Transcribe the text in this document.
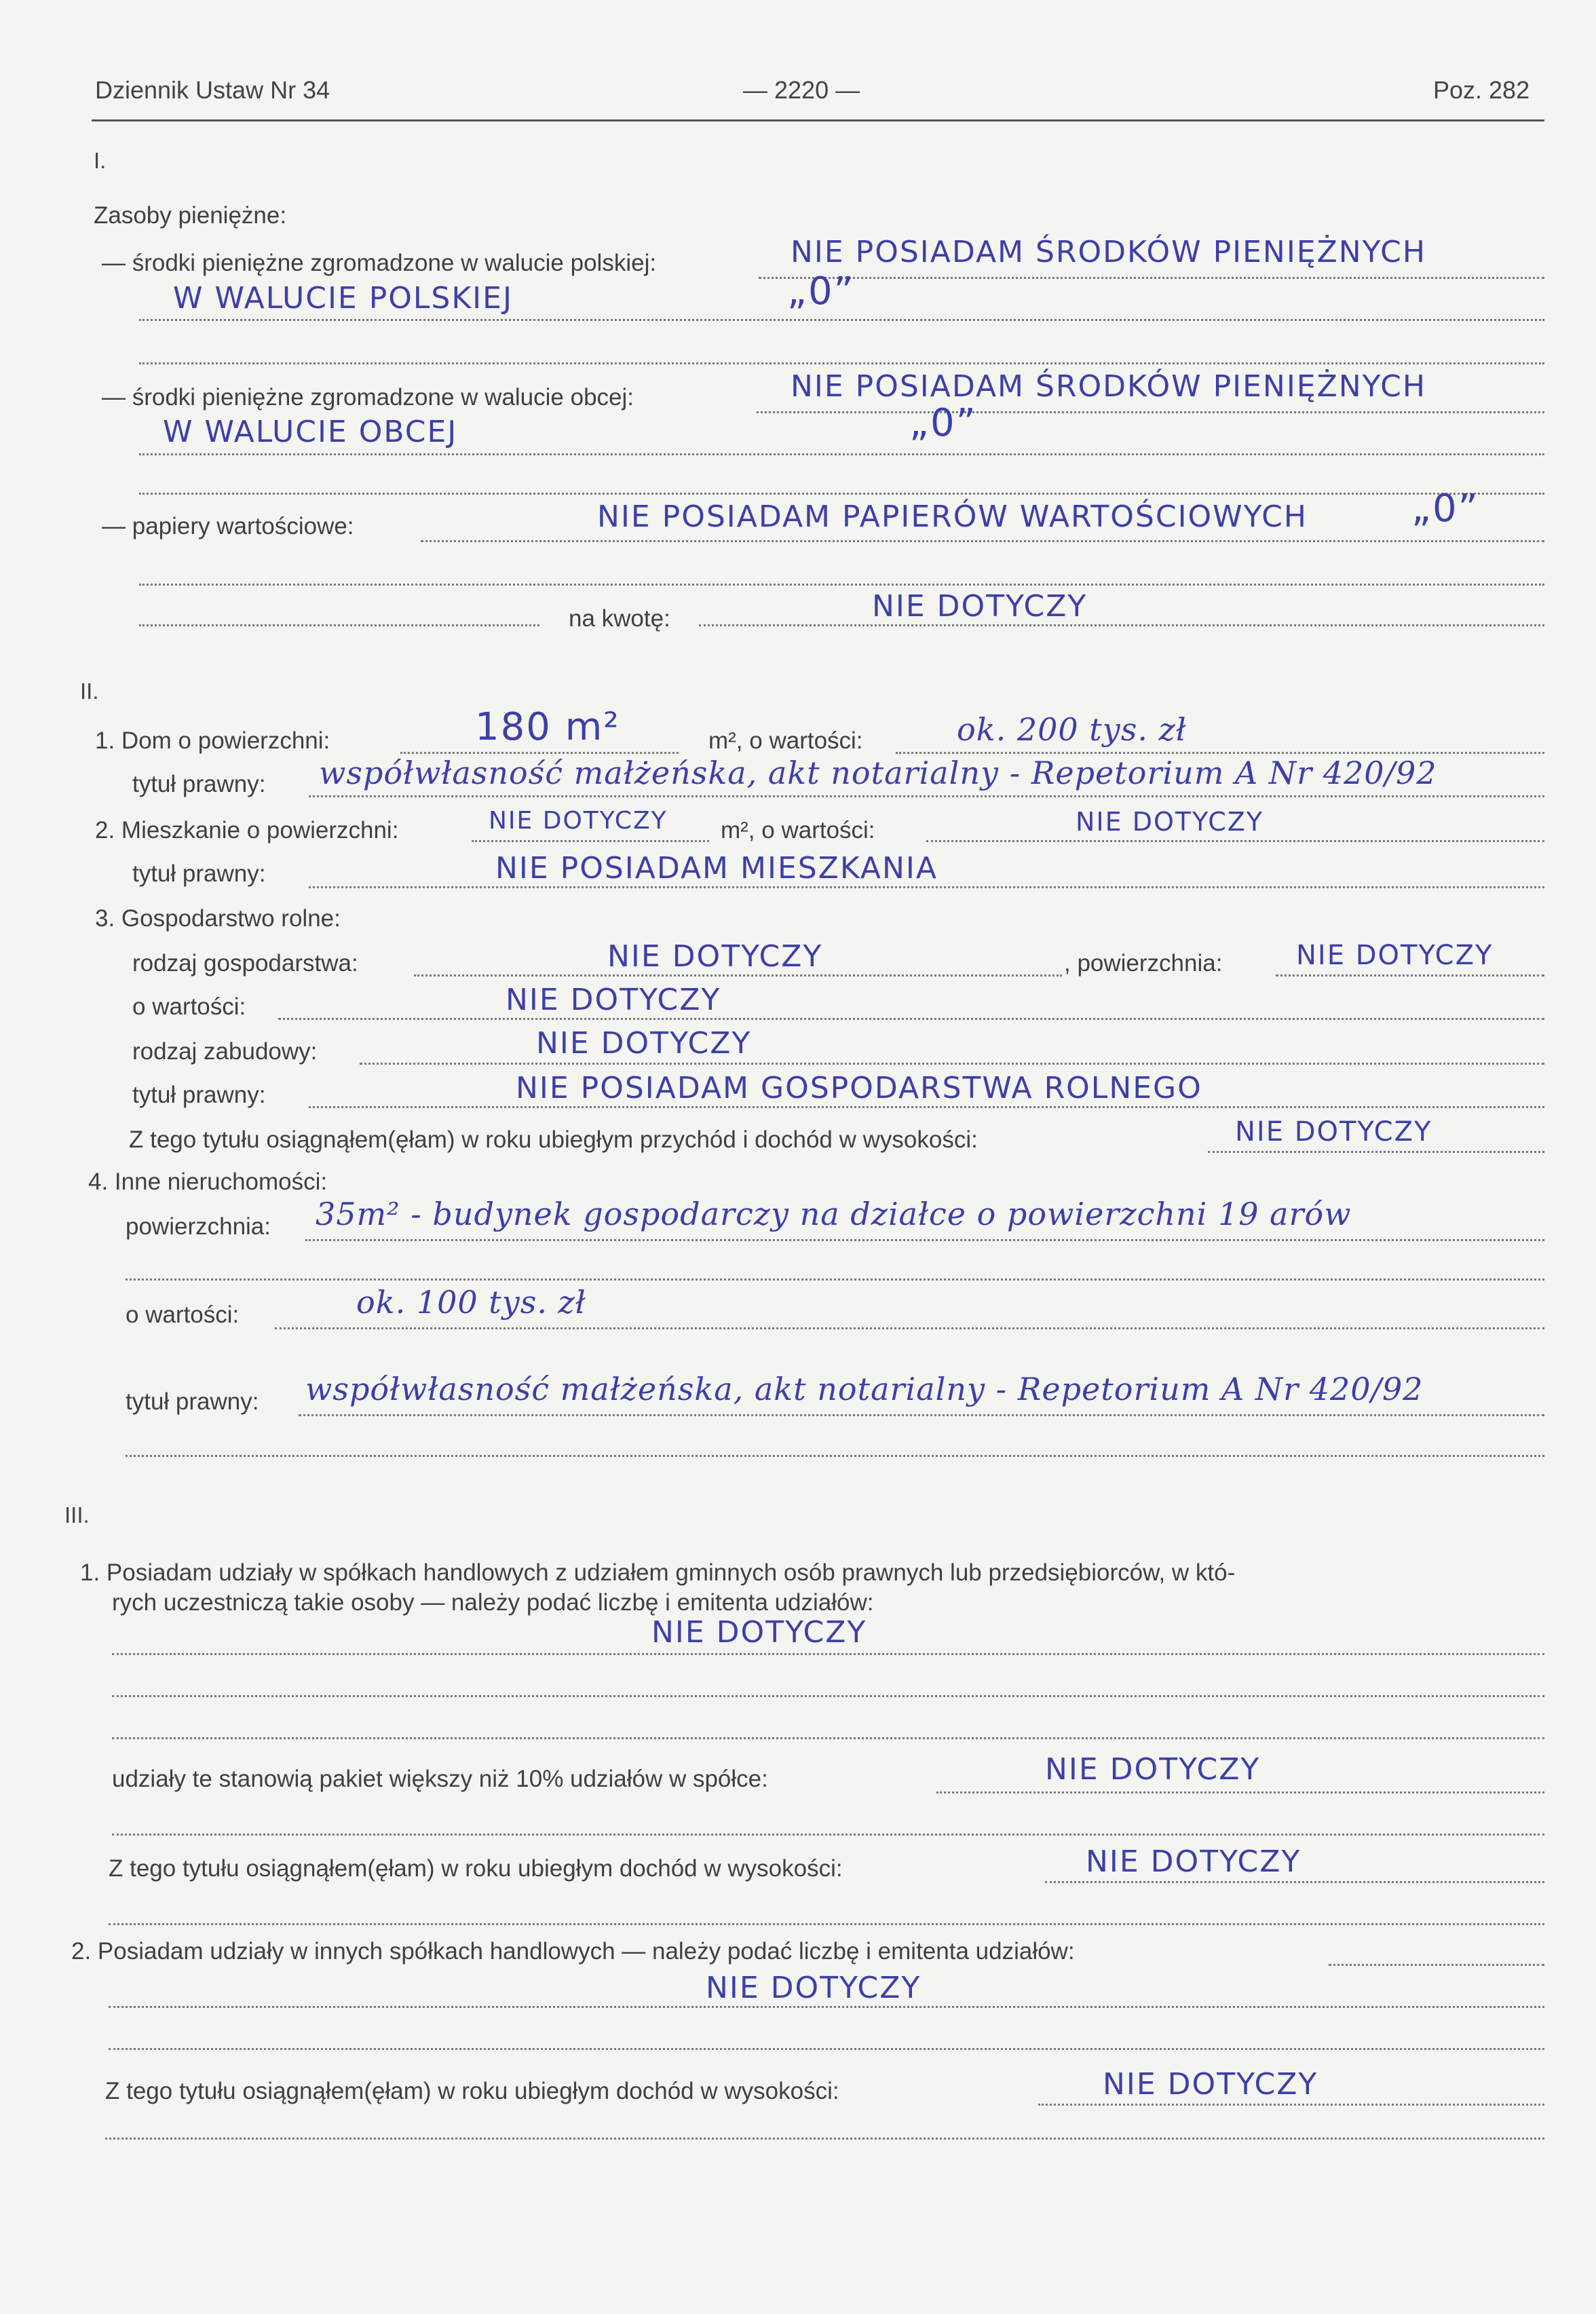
Dziennik Ustaw Nr 34	— 2220 —	Poz. 282
I.
Zasoby pieniężne:
— środki pieniężne zgromadzone w walucie polskiej:	NIE POSIADAM ŚRODKÓW PIENIĘŻNYCH
W WALUCIE POLSKIEJ	„0”
— środki pieniężne zgromadzone w walucie obcej:	NIE POSIADAM ŚRODKÓW PIENIĘŻNYCH
W WALUCIE OBCEJ	„0”
— papiery wartościowe:	NIE POSIADAM PAPIERÓW WARTOŚCIOWYCH	„0”
na kwotę:	NIE DOTYCZY
II.
1. Dom o powierzchni:	180 m²	m², o wartości:	ok. 200 tys. zł
tytuł prawny: współwłasność małżeńska, akt notarialny - Repetorium A Nr 420/92
2. Mieszkanie o powierzchni:	NIE DOTYCZY m², o wartości:	NIE DOTYCZY
tytuł prawny:	NIE POSIADAM MIESZKANIA
3. Gospodarstwo rolne:
rodzaj gospodarstwa:	NIE DOTYCZY	, powierzchnia:	NIE DOTYCZY
o wartości:	NIE DOTYCZY
rodzaj zabudowy:	NIE DOTYCZY
tytuł prawny:	NIE POSIADAM GOSPODARSTWA ROLNEGO
Z tego tytułu osiągnąłem(ęłam) w roku ubiegłym przychód i dochód w wysokości:	NIE DOTYCZY
4. Inne nieruchomości:
powierzchnia: 35m² - budynek gospodarczy na działce o powierzchni 19 arów
o wartości:	ok. 100 tys. zł
tytuł prawny: współwłasność małżeńska, akt notarialny - Repetorium A Nr 420/92
III.
1. Posiadam udziały w spółkach handlowych z udziałem gminnych osób prawnych lub przedsiębiorców, w któ-
rych uczestniczą takie osoby — należy podać liczbę i emitenta udziałów:
NIE DOTYCZY
udziały te stanowią pakiet większy niż 10% udziałów w spółce:	NIE DOTYCZY
Z tego tytułu osiągnąłem(ęłam) w roku ubiegłym dochód w wysokości:	NIE DOTYCZY
2. Posiadam udziały w innych spółkach handlowych — należy podać liczbę i emitenta udziałów:
NIE DOTYCZY
Z tego tytułu osiągnąłem(ęłam) w roku ubiegłym dochód w wysokości:	NIE DOTYCZY
